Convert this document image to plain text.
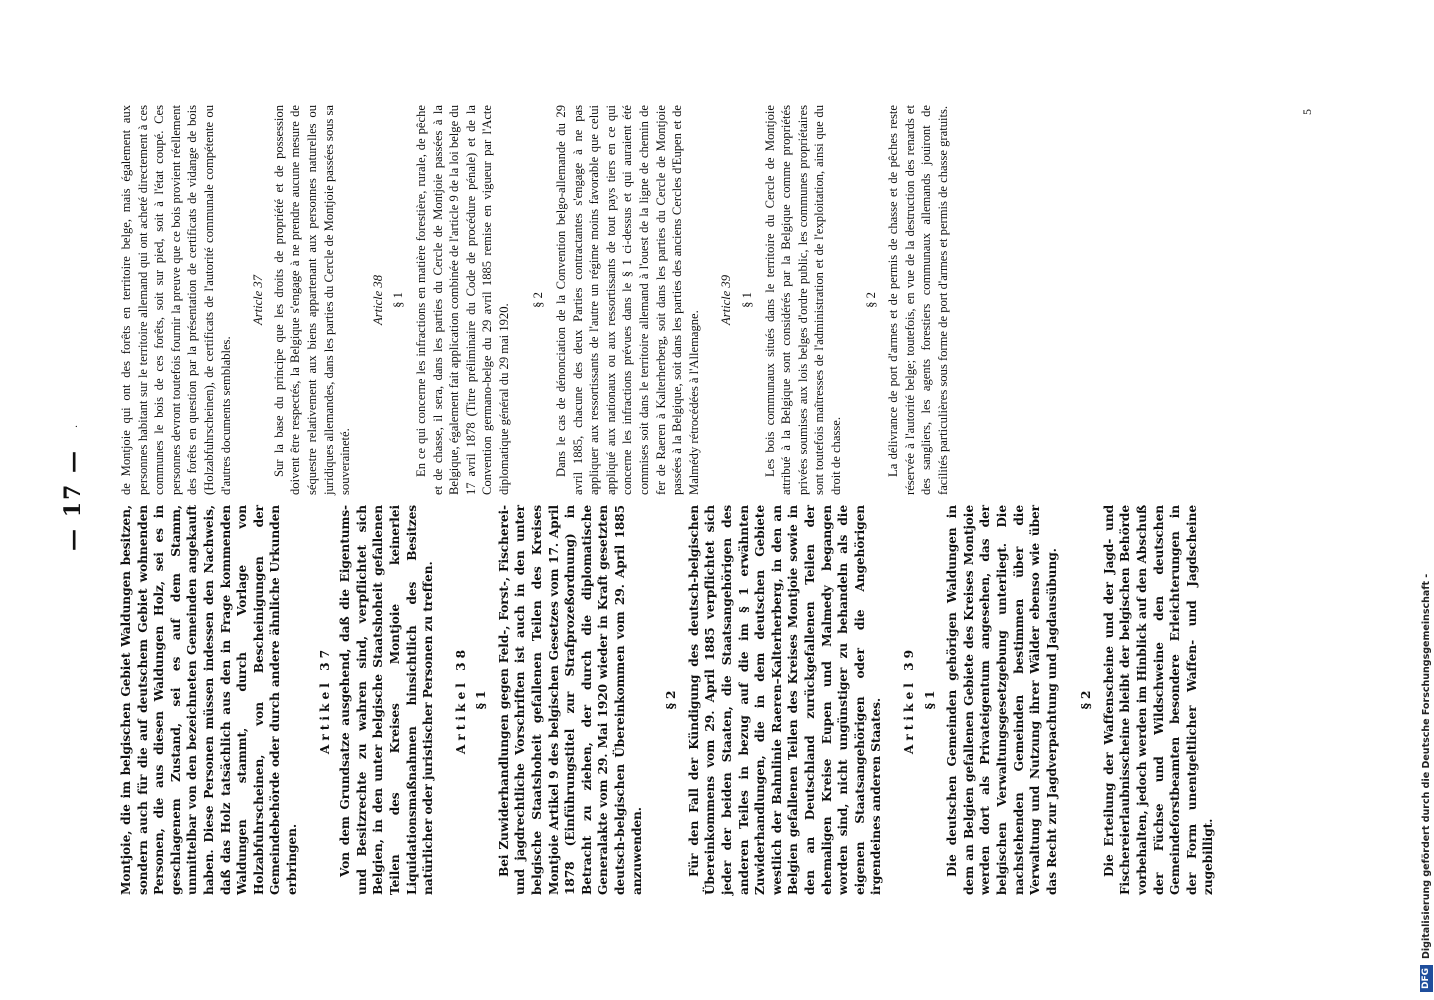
— 17 —
·

Montjoie, die im belgischen Gebiet Waldungen besitzen, sondern auch für die auf deutschem Gebiet wohnenden Personen, die aus diesen Waldungen Holz, sei es in geschlagenem Zustand, sei es auf dem Stamm, unmittelbar von den bezeichneten Gemeinden angekauft haben. Diese Personen müssen indessen den Nachweis, daß das Holz tatsächlich aus den in Frage kommenden Waldungen stammt, durch Vorlage von Holzabfuhrscheinen, von Bescheinigungen der Gemeindebehörde oder durch andere ähnliche Urkunden erbringen.

Artikel 37 Von dem Grundsatze ausgehend, daß die Eigentums- und Besitzrechte zu wahren sind, verpflichtet sich Belgien, in den unter belgische Staatshoheit gefallenen Teilen des Kreises Montjoie keinerlei Liquidationsmaßnahmen hinsichtlich des Besitzes natürlicher oder juristischer Personen zu treffen. Artikel 38 § 1 Bei Zuwiderhandlungen gegen Feld-, Forst-, Fischerei- und jagdrechtliche Vorschriften ist auch in den unter belgische Staatshoheit gefallenen Teilen des Kreises Montjoie Artikel 9 des belgischen Gesetzes vom 17. April 1878 (Einführungstitel zur Strafprozeßordnung) in Betracht zu ziehen, der durch die diplomatische Generalakte vom 29. Mai 1920 wieder in Kraft gesetzten deutsch-belgischen Übereinkommen vom 29. April 1885 anzuwenden.

§ 2 Für den Fall der Kündigung des deutsch-belgischen Übereinkommens vom 29. April 1885 verpflichtet sich jeder der beiden Staaten, die Staatsangehörigen des anderen Teiles in bezug auf die im § 1 erwähnten Zuwiderhandlungen, die in dem deutschen Gebiete westlich der Bahnlinie Raeren–Kalterherberg, in den an Belgien gefallenen Teilen des Kreises Montjoie sowie in den an Deutschland zurückgefallenen Teilen der ehemaligen Kreise Eupen und Malmedy begangen worden sind, nicht ungünstiger zu behandeln als die eigenen Staatsangehörigen oder die Angehörigen irgendeines anderen Staates. Artikel 39 § 1 Die deutschen Gemeinden gehörigen Waldungen in dem an Belgien gefallenen Gebiete des Kreises Montjoie werden dort als Privateigentum angesehen, das der belgischen Verwaltungsgesetzgebung unterliegt. Die nachstehenden Gemeinden bestimmen über die Verwaltung und Nutzung ihrer Wälder ebenso wie über das Recht zur Jagdverpachtung und Jagdausübung. § 2 Die Erteilung der Waffenscheine und der Jagd- und Fischereierlaubnisscheine bleibt der belgischen Behörde vorbehalten, jedoch werden im Hinblick auf den Abschuß der Füchse und Wildschweine den deutschen Gemeindeforstbeamten besondere Erleichterungen in der Form unentgeltlicher Waffen- und Jagdscheine zugebilligt.

de Montjoie qui ont des forêts en territoire belge, mais également aux personnes habitant sur le territoire allemand qui ont acheté directement à ces communes le bois de ces forêts, soit sur pied, soit à l'état coupé. Ces personnes devront toutefois fournir la preuve que ce bois provient réellement des forêts en question par la présentation de certificats de vidange de bois (Holzabfuhrscheinen), de certificats de l'autorité communale compétente ou d'autres documents semblables.

Article 37 Sur la base du principe que les droits de propriété et de possession doivent être respectés, la Belgique s'engage à ne prendre aucune mesure de séquestre relativement aux biens appartenant aux personnes naturelles ou juridiques allemandes, dans les parties du Cercle de Montjoie passées sous sa souveraineté.

Article 38 § 1 En ce qui concerne les infractions en matière forestière, rurale, de pêche et de chasse, il sera, dans les parties du Cercle de Montjoie passées à la Belgique, également fait application combinée de l'article 9 de la loi belge du 17 avril 1878 (Titre préliminaire du Code de procédure pénale) et de la Convention germano-belge du 29 avril 1885 remise en vigueur par l'Acte diplomatique général du 29 mai 1920.

§ 2 Dans le cas de dénonciation de la Convention belgo-allemande du 29 avril 1885, chacune des deux Parties contractantes s'engage à ne pas appliquer aux ressortissants de l'autre un régime moins favorable que celui appliqué aux nationaux ou aux ressortissants de tout pays tiers en ce qui concerne les infractions prévues dans le § 1 ci-dessus et qui auraient été commises soit dans le territoire allemand à l'ouest de la ligne de chemin de fer de Raeren à Kalterherberg, soit dans les parties du Cercle de Montjoie passées à la Belgique, soit dans les parties des anciens Cercles d'Eupen et de Malmédy rétrocédées à l'Allemagne.

Article 39 § 1 Les bois communaux situés dans le territoire du Cercle de Montjoie attribué à la Belgique sont considérés par la Belgique comme propriétés privées soumises aux lois belges d'ordre public, les communes propriétaires sont toutefois maîtresses de l'administration et de l'exploitation, ainsi que du droit de chasse.

§ 2 La délivrance de port d'armes et de permis de chasse et de pêches reste réservée à l'autorité belge; toutefois, en vue de la destruction des renards et des sangliers, les agents forestiers communaux allemands jouiront de facilités particulières sous forme de port d'armes et permis de chasse gratuits.	5
DFG
Digitalisierung gefördert durch die Deutsche Forschungsgemeinschaft -
